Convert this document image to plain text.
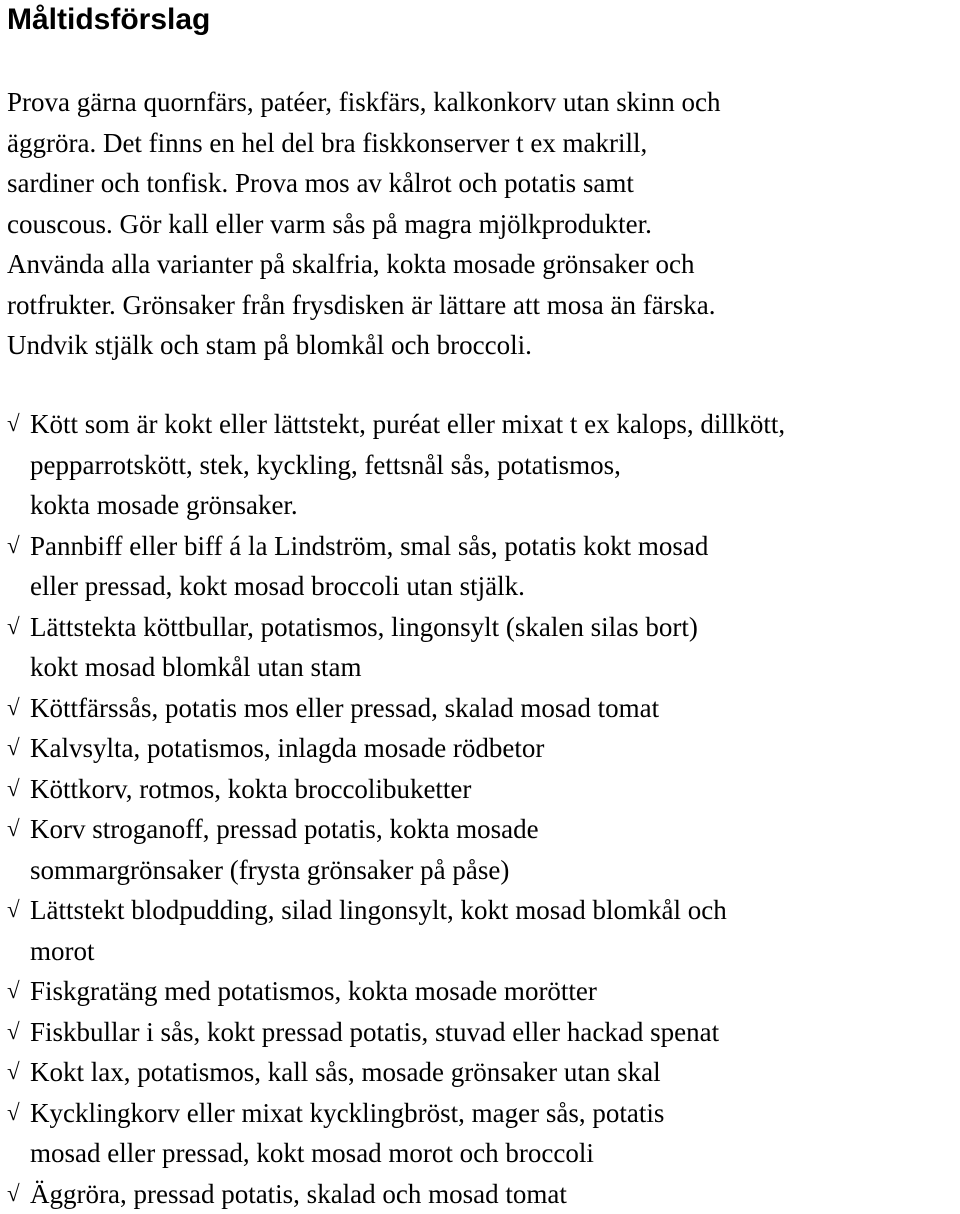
Måltidsförslag
Prova gärna quornfärs, patéer, fiskfärs, kalkonkorv utan skinn och
äggröra. Det finns en hel del bra fiskkonserver t ex makrill,
sardiner och tonfisk. Prova mos av kålrot och potatis samt
couscous. Gör kall eller varm sås på magra mjölkprodukter.
Använda alla varianter på skalfria, kokta mosade grönsaker och
rotfrukter. Grönsaker från frysdisken är lättare att mosa än färska.
Undvik stjälk och stam på blomkål och broccoli.
√ Kött som är kokt eller lättstekt, puréat eller mixat t ex kalops, dillkött,
pepparrotskött, stek, kyckling, fettsnål sås, potatismos,
kokta mosade grönsaker.
√ Pannbiff eller biff á la Lindström, smal sås, potatis kokt mosad
eller pressad, kokt mosad broccoli utan stjälk.
√ Lättstekta köttbullar, potatismos, lingonsylt (skalen silas bort)
kokt mosad blomkål utan stam
√ Köttfärssås, potatis mos eller pressad, skalad mosad tomat
√ Kalvsylta, potatismos, inlagda mosade rödbetor
√ Köttkorv, rotmos, kokta broccolibuketter
√ Korv stroganoff, pressad potatis, kokta mosade
sommargrönsaker (frysta grönsaker på påse)
√ Lättstekt blodpudding, silad lingonsylt, kokt mosad blomkål och
morot
√ Fiskgratäng med potatismos, kokta mosade morötter
√ Fiskbullar i sås, kokt pressad potatis, stuvad eller hackad spenat
√ Kokt lax, potatismos, kall sås, mosade grönsaker utan skal
√ Kycklingkorv eller mixat kycklingbröst, mager sås, potatis
mosad eller pressad, kokt mosad morot och broccoli
√ Äggröra, pressad potatis, skalad och mosad tomat
